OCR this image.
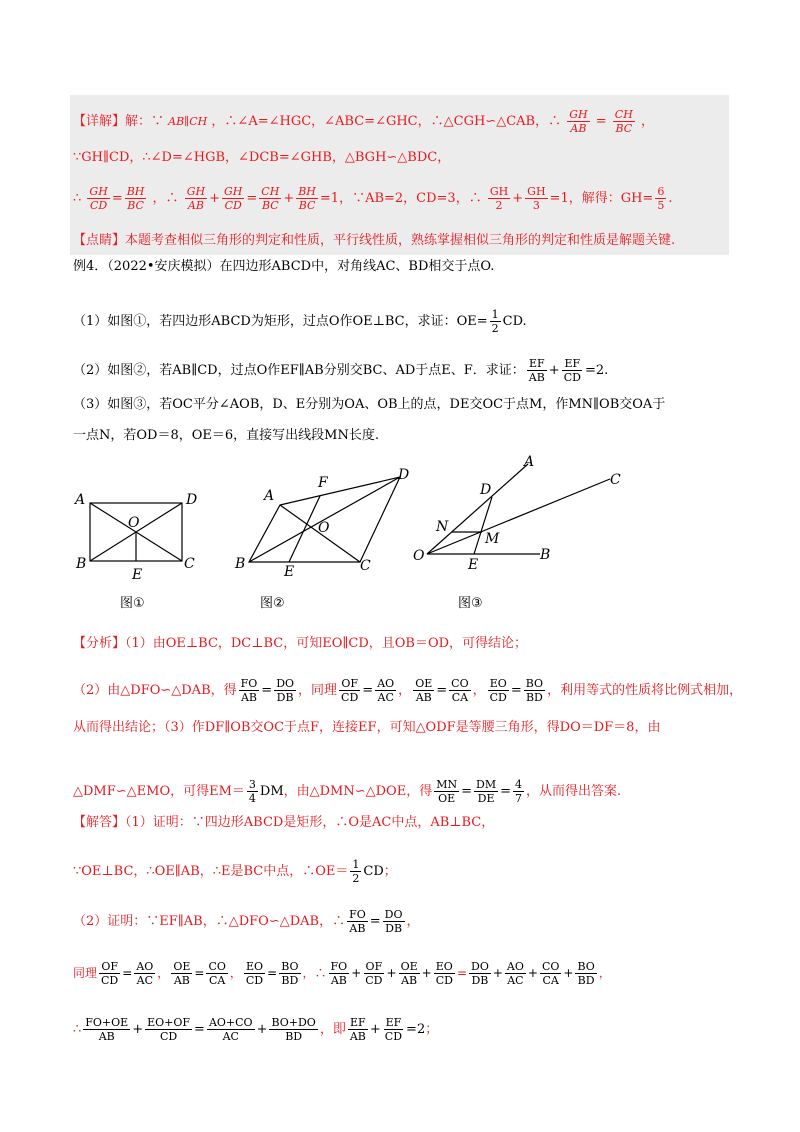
【详解】解：∵ AB∥CH ，∴∠A=∠HGC，∠ABC=∠GHC，∴△CGH∽△CAB，∴ $\frac{GH}{AB} = \frac{CH}{BC}$ ，
∵GH∥CD，∴∠D=∠HGB，∠DCB=∠GHB，△BGH∽△BDC，
∴ $\frac{GH}{CD} = \frac{BH}{BC}$ ，∴ $\frac{GH}{AB} + \frac{GH}{CD} = \frac{CH}{BC} + \frac{BH}{BC} =1$，∵AB=2，CD=3，∴ $\frac{GH}{2} + \frac{GH}{3} =1$，解得：$GH= \frac{6}{5}$ .
【点睛】本题考查相似三角形的判定和性质，平行线性质，熟练掌握相似三角形的判定和性质是解题关键.
例4．（2022•安庆模拟）在四边形ABCD中，对角线AC、BD相交于点O.
（1）如图①，若四边形ABCD为矩形，过点O作OE⊥BC，求证：$OE= \frac{1}{2}$ CD.
（2）如图②，若AB∥CD，过点O作EF∥AB分别交BC、AD于点E、F．求证： $\frac{EF}{AB} + \frac{EF}{CD} =2$.
（3）如图③，若OC平分∠AOB，D、E分别为OA、OB上的点，DE交OC于点M，作MN∥OB交OA于
一点N，若OD＝8，OE＝6，直接写出线段MN长度.
A	D
O
B	C
E
图①
A
F	D
O
B	E	C
图②
A
C
D
N
M
O
E
B
图③
【分析】（1）由OE⊥BC，DC⊥BC，可知EO∥CD，且OB＝OD，可得结论；
（2）由△DFO∽△DAB，得 $\frac{FO}{AB} = \frac{DO}{DB}$ ，同理 $\frac{OF}{CD} = \frac{AO}{AC}$ ， $\frac{OE}{AB} = \frac{CO}{CA}$ ， $\frac{EO}{CD} = \frac{BO}{BD}$ ，利用等式的性质将比例式相加，
从而得出结论；（3）作DF∥OB交OC于点F，连接EF，可知△ODF是等腰三角形，得DO＝DF＝8，由
△DMF∽△EMO，可得$EM= \frac{3}{4}$ DM，由△DMN∽△DOE，得 $\frac{MN}{OE} = \frac{DM}{DE} = \frac{4}{7}$ ，从而得出答案.
【解答】（1）证明：∵四边形ABCD是矩形，∴O是AC中点，AB⊥BC，
∵OE⊥BC，∴OE∥AB，∴E是BC中点，∴OE＝ $\frac{1}{2}$ CD；
（2）证明：∵EF∥AB，∴△DFO∽△DAB，∴ $\frac{FO}{AB} = \frac{DO}{DB}$ ，
同理 $\frac{OF}{CD} = \frac{AO}{AC}$ ， $\frac{OE}{AB} = \frac{CO}{CA}$ ， $\frac{EO}{CD} = \frac{BO}{BD}$ ，∴ $\frac{FO}{AB} + \frac{OF}{CD} + \frac{OE}{AB} + \frac{EO}{CD} = \frac{DO}{DB} + \frac{AO}{AC} + \frac{CO}{CA} + \frac{BO}{BD}$ ，
∴ $\frac{FO+OE}{AB} + \frac{EO+OF}{CD} = \frac{AO+CO}{AC} + \frac{BO+DO}{BD}$ ，即 $\frac{EF}{AB} + \frac{EF}{CD} =2$；
